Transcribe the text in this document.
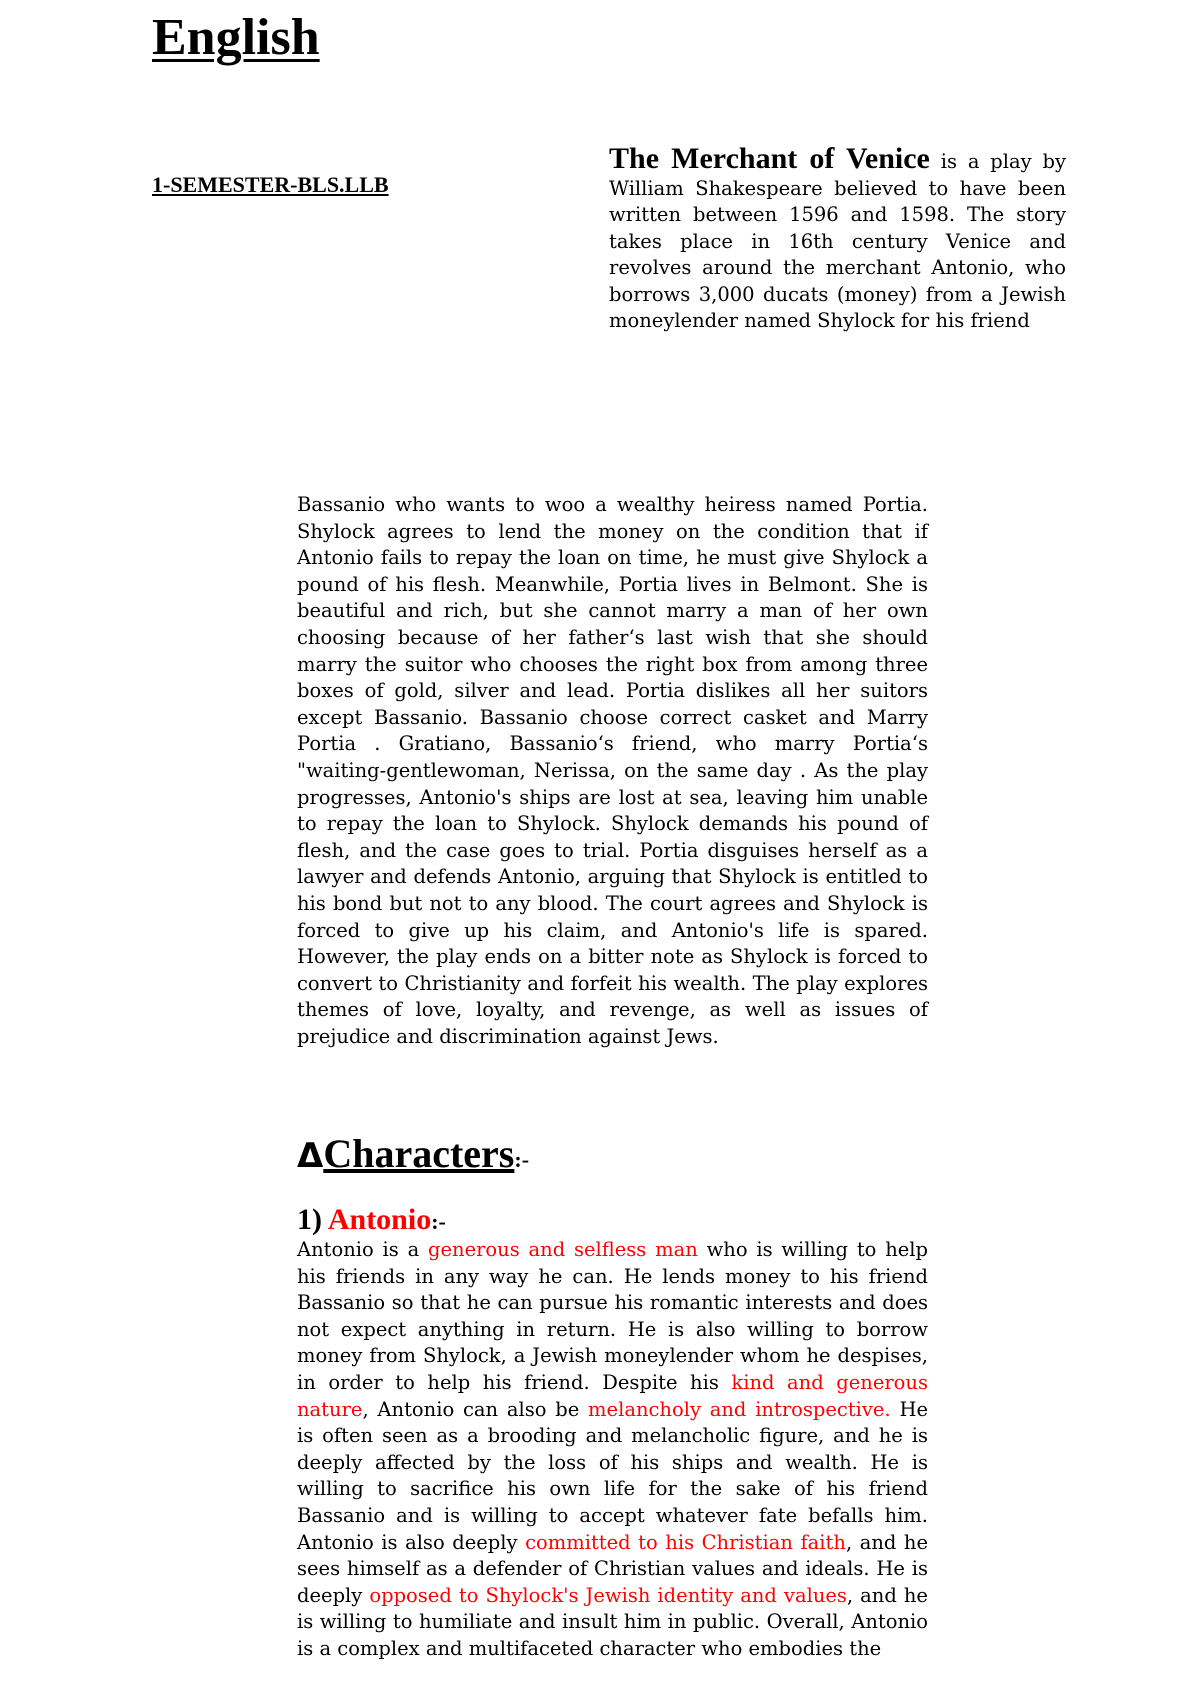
English

1-SEMESTER-BLS.LLB

The Merchant of Venice is a play by William Shakespeare believed to have been written between 1596 and 1598. The story takes place in 16th century Venice and revolves around the merchant Antonio, who borrows 3,000 ducats (money) from a Jewish moneylender named Shylock for his friend

Bassanio who wants to woo a wealthy heiress named Portia. Shylock agrees to lend the money on the condition that if Antonio fails to repay the loan on time, he must give Shylock a pound of his flesh. Meanwhile, Portia lives in Belmont. She is beautiful and rich, but she cannot marry a man of her own choosing because of her father‘s last wish that she should marry the suitor who chooses the right box from among three boxes of gold, silver and lead. Portia dislikes all her suitors except Bassanio. Bassanio choose correct casket and Marry Portia . Gratiano, Bassanio‘s friend, who marry Portia‘s "waiting-gentlewoman, Nerissa, on the same day . As the play progresses, Antonio's ships are lost at sea, leaving him unable to repay the loan to Shylock. Shylock demands his pound of flesh, and the case goes to trial. Portia disguises herself as a lawyer and defends Antonio, arguing that Shylock is entitled to his bond but not to any blood. The court agrees and Shylock is forced to give up his claim, and Antonio's life is spared. However, the play ends on a bitter note as Shylock is forced to convert to Christianity and forfeit his wealth. The play explores themes of love, loyalty, and revenge, as well as issues of prejudice and discrimination against Jews.

ΔCharacters:-
1) Antonio:-

Antonio is a generous and selfless man who is willing to help his friends in any way he can. He lends money to his friend Bassanio so that he can pursue his romantic interests and does not expect anything in return. He is also willing to borrow money from Shylock, a Jewish moneylender whom he despises, in order to help his friend. Despite his kind and generous nature, Antonio can also be melancholy and introspective. He is often seen as a brooding and melancholic figure, and he is deeply affected by the loss of his ships and wealth. He is willing to sacrifice his own life for the sake of his friend Bassanio and is willing to accept whatever fate befalls him. Antonio is also deeply committed to his Christian faith, and he sees himself as a defender of Christian values and ideals. He is deeply opposed to Shylock's Jewish identity and values, and he is willing to humiliate and insult him in public. Overall, Antonio is a complex and multifaceted character who embodies the
